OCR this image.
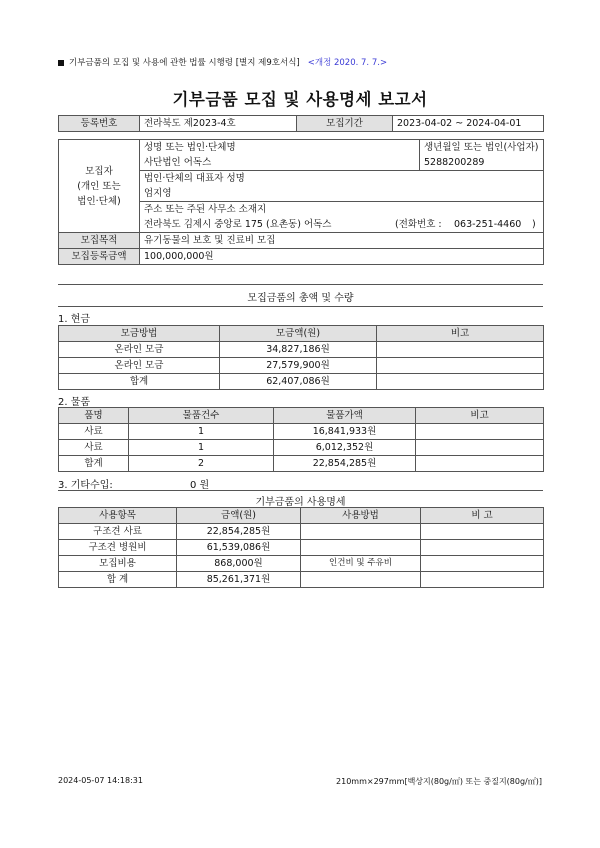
기부금품의 모집 및 사용에 관한 법률 시행령 [별지 제9호서식] <개정 2020. 7. 7.>
기부금품 모집 및 사용명세 보고서
등록번호	전라북도 제2023-4호	모집기간	2023-04-02 ~ 2024-04-01
모집자
(개인 또는
법인·단체)	성명 또는 법인·단체명	생년월일 또는 법인(사업자)
	사단법인 어독스	5288200289
	법인·단체의 대표자 성명	
	엄지영	
	주소 또는 주된 사무소 소재지	
	전라북도 김제시 중앙로 175 (요촌동) 어독스 (전화번호 : 063-251-4460 )	

모집목적	유기동물의 보호 및 진료비 모집	
모집등록금액	100,000,000원	
모집금품의 총액 및 수량
1. 현금
모금방법	모금액(원)	비고
온라인 모금	34,827,186원	
온라인 모금	27,579,900원	
합계	62,407,086원	
2. 물품
품명	물품건수	물품가액	비고
사료	1	16,841,933원	
사료	1	6,012,352원	
합계	2	22,854,285원	
3. 기타수입:	0 원
기부금품의 사용명세
사용항목	금액(원)	사용방법	비 고
구조견 사료	22,854,285원		
구조견 병원비	61,539,086원		
모집비용	868,000원	인건비 및 주유비	
합 계	85,261,371원		
2024-05-07 14:18:31	210mm×297mm[백상지(80g/㎡) 또는 중질지(80g/㎡)]
